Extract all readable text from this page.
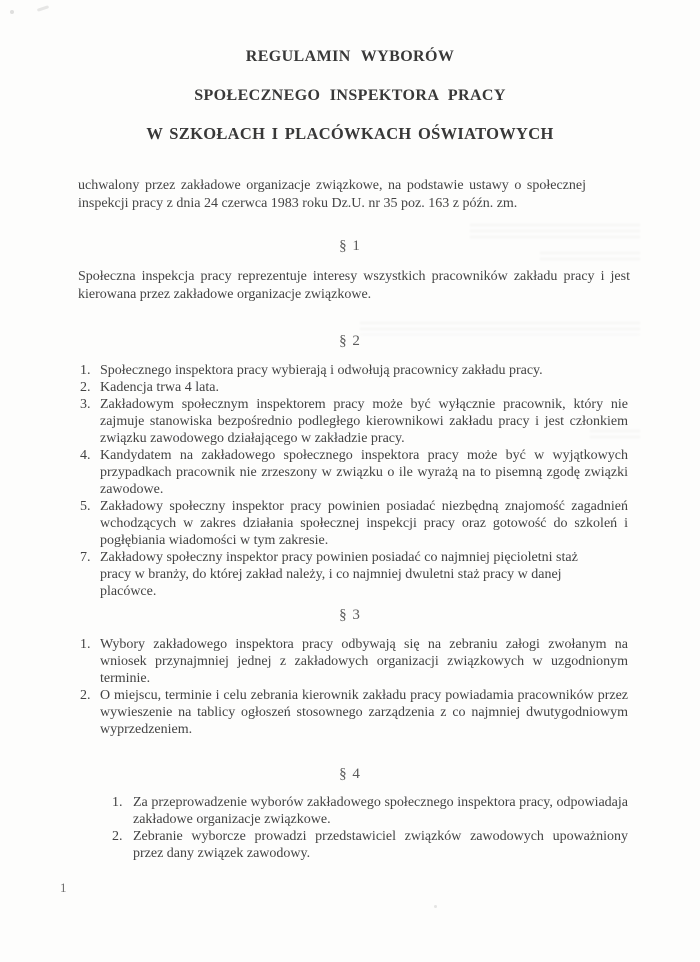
REGULAMIN WYBORÓW
SPOŁECZNEGO INSPEKTORA PRACY
W SZKOŁACH I PLACÓWKACH OŚWIATOWYCH
uchwalony przez zakładowe organizacje związkowe, na podstawie ustawy o społecznej inspekcji pracy z dnia 24 czerwca 1983 roku Dz.U. nr 35 poz. 163 z późn. zm.
§ 1
Społeczna inspekcja pracy reprezentuje interesy wszystkich pracowników zakładu pracy i jest kierowana przez zakładowe organizacje związkowe.
§ 2
1. Społecznego inspektora pracy wybierają i odwołują pracownicy zakładu pracy.
2. Kadencja trwa 4 lata.
3. Zakładowym społecznym inspektorem pracy może być wyłącznie pracownik, który nie zajmuje stanowiska bezpośrednio podległego kierownikowi zakładu pracy i jest członkiem związku zawodowego działającego w zakładzie pracy.
4. Kandydatem na zakładowego społecznego inspektora pracy może być w wyjątkowych przypadkach pracownik nie zrzeszony w związku o ile wyrażą na to pisemną zgodę związki zawodowe.
5. Zakładowy społeczny inspektor pracy powinien posiadać niezbędną znajomość zagadnień wchodzących w zakres działania społecznej inspekcji pracy oraz gotowość do szkoleń i pogłębiania wiadomości w tym zakresie.
7. Zakładowy społeczny inspektor pracy powinien posiadać co najmniej pięcioletni staż pracy w branży, do której zakład należy, i co najmniej dwuletni staż pracy w danej placówce.
§ 3
1. Wybory zakładowego inspektora pracy odbywają się na zebraniu załogi zwołanym na wniosek przynajmniej jednej z zakładowych organizacji związkowych w uzgodnionym terminie.
2. O miejscu, terminie i celu zebrania kierownik zakładu pracy powiadamia pracowników przez wywieszenie na tablicy ogłoszeń stosownego zarządzenia z co najmniej dwutygodniowym wyprzedzeniem.
§ 4
1. Za przeprowadzenie wyborów zakładowego społecznego inspektora pracy, odpowiadaja zakładowe organizacje związkowe.
2. Zebranie wyborcze prowadzi przedstawiciel związków zawodowych upoważniony przez dany związek zawodowy.
1
